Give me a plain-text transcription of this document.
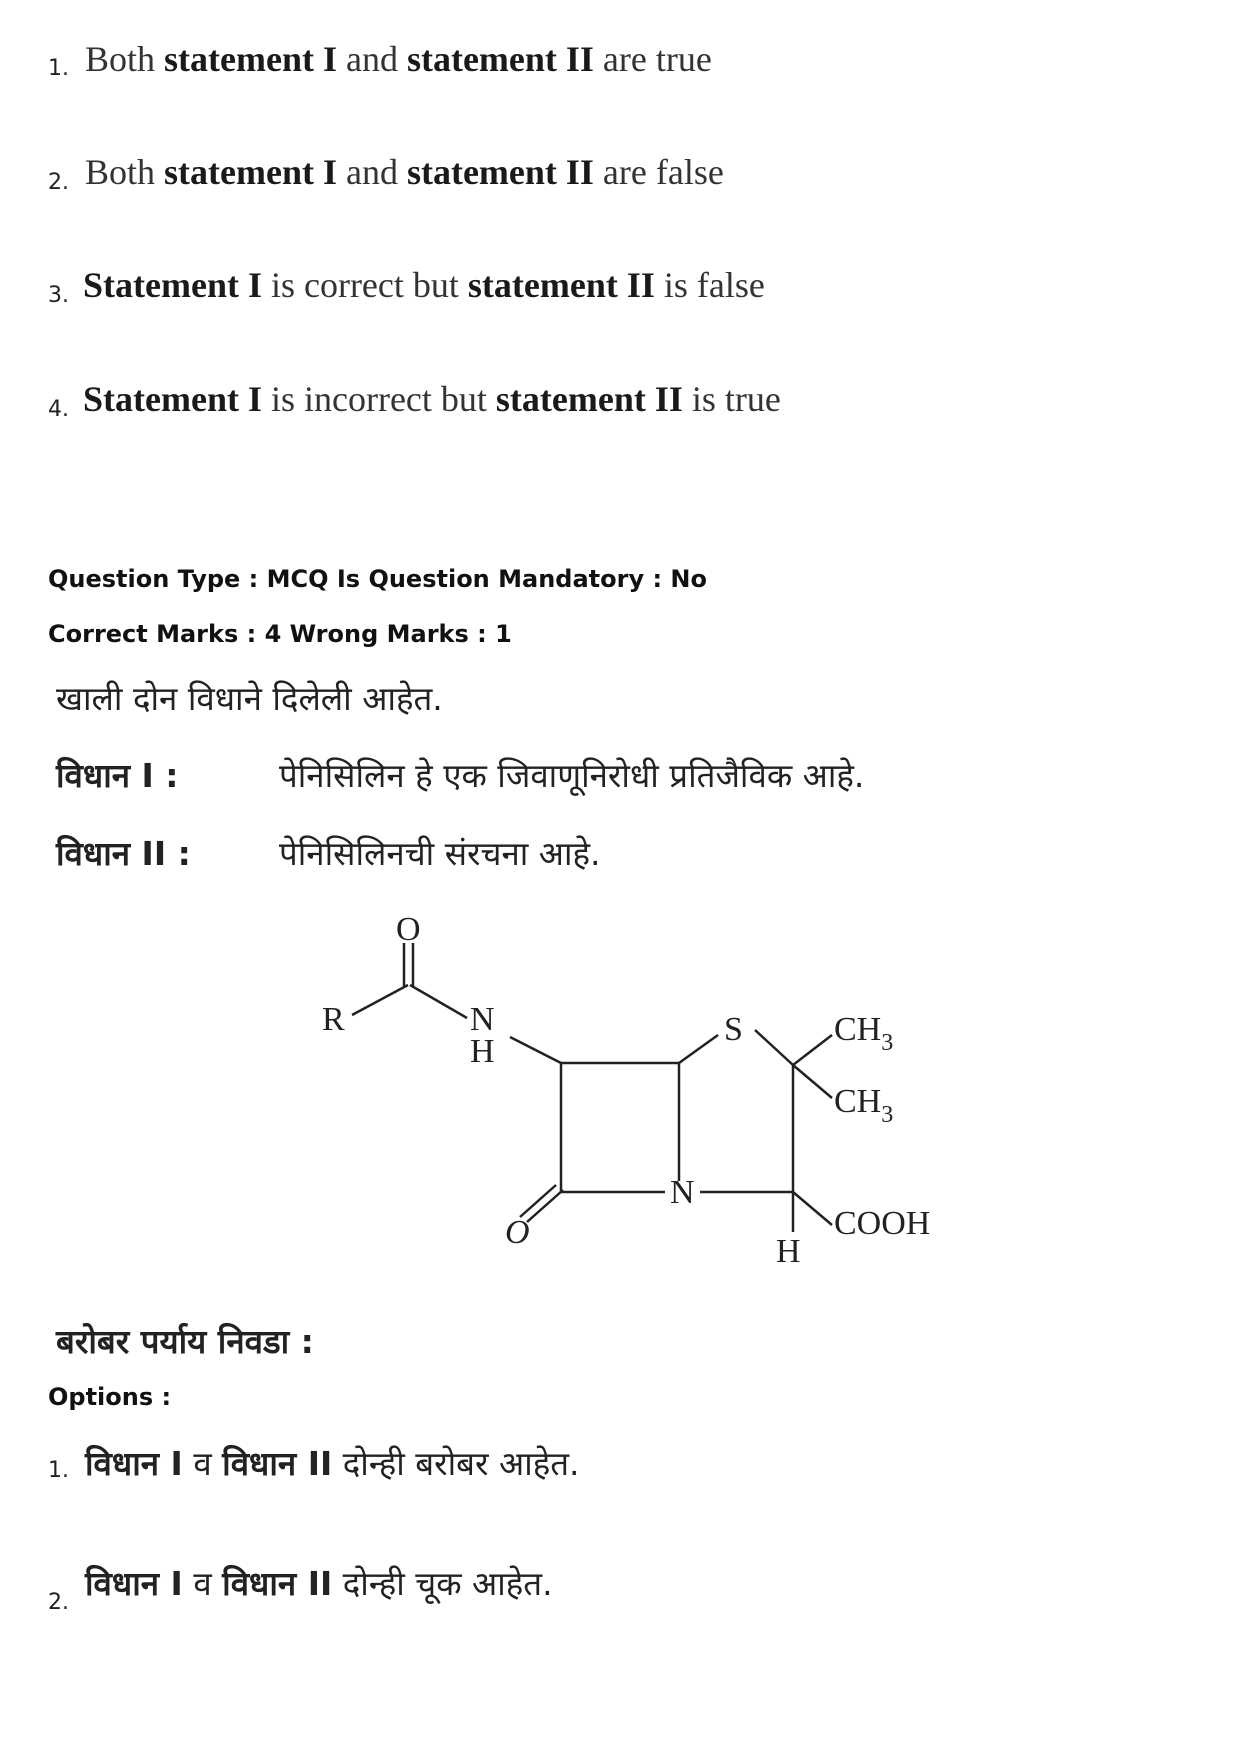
1. Both statement I and statement II are true
2. Both statement I and statement II are false
3. Statement I is correct but statement II is false
4. Statement I is incorrect but statement II is true
Question Type : MCQ Is Question Mandatory : No
Correct Marks : 4 Wrong Marks : 1
खाली दोन विधाने दिलेली आहेत.
विधान I :	पेनिसिलिन हे एक जिवाणूनिरोधी प्रतिजैविक आहे.
विधान II :	पेनिसिलिनची संरचना आहे.
O
R	N
H
S	$CH_3$
$CH_3$
N
O
H
COOH
बरोबर पर्याय निवडा :
Options :
1. विधान I व विधान II दोन्ही बरोबर आहेत.
2. विधान I व विधान II दोन्ही चूक आहेत.
